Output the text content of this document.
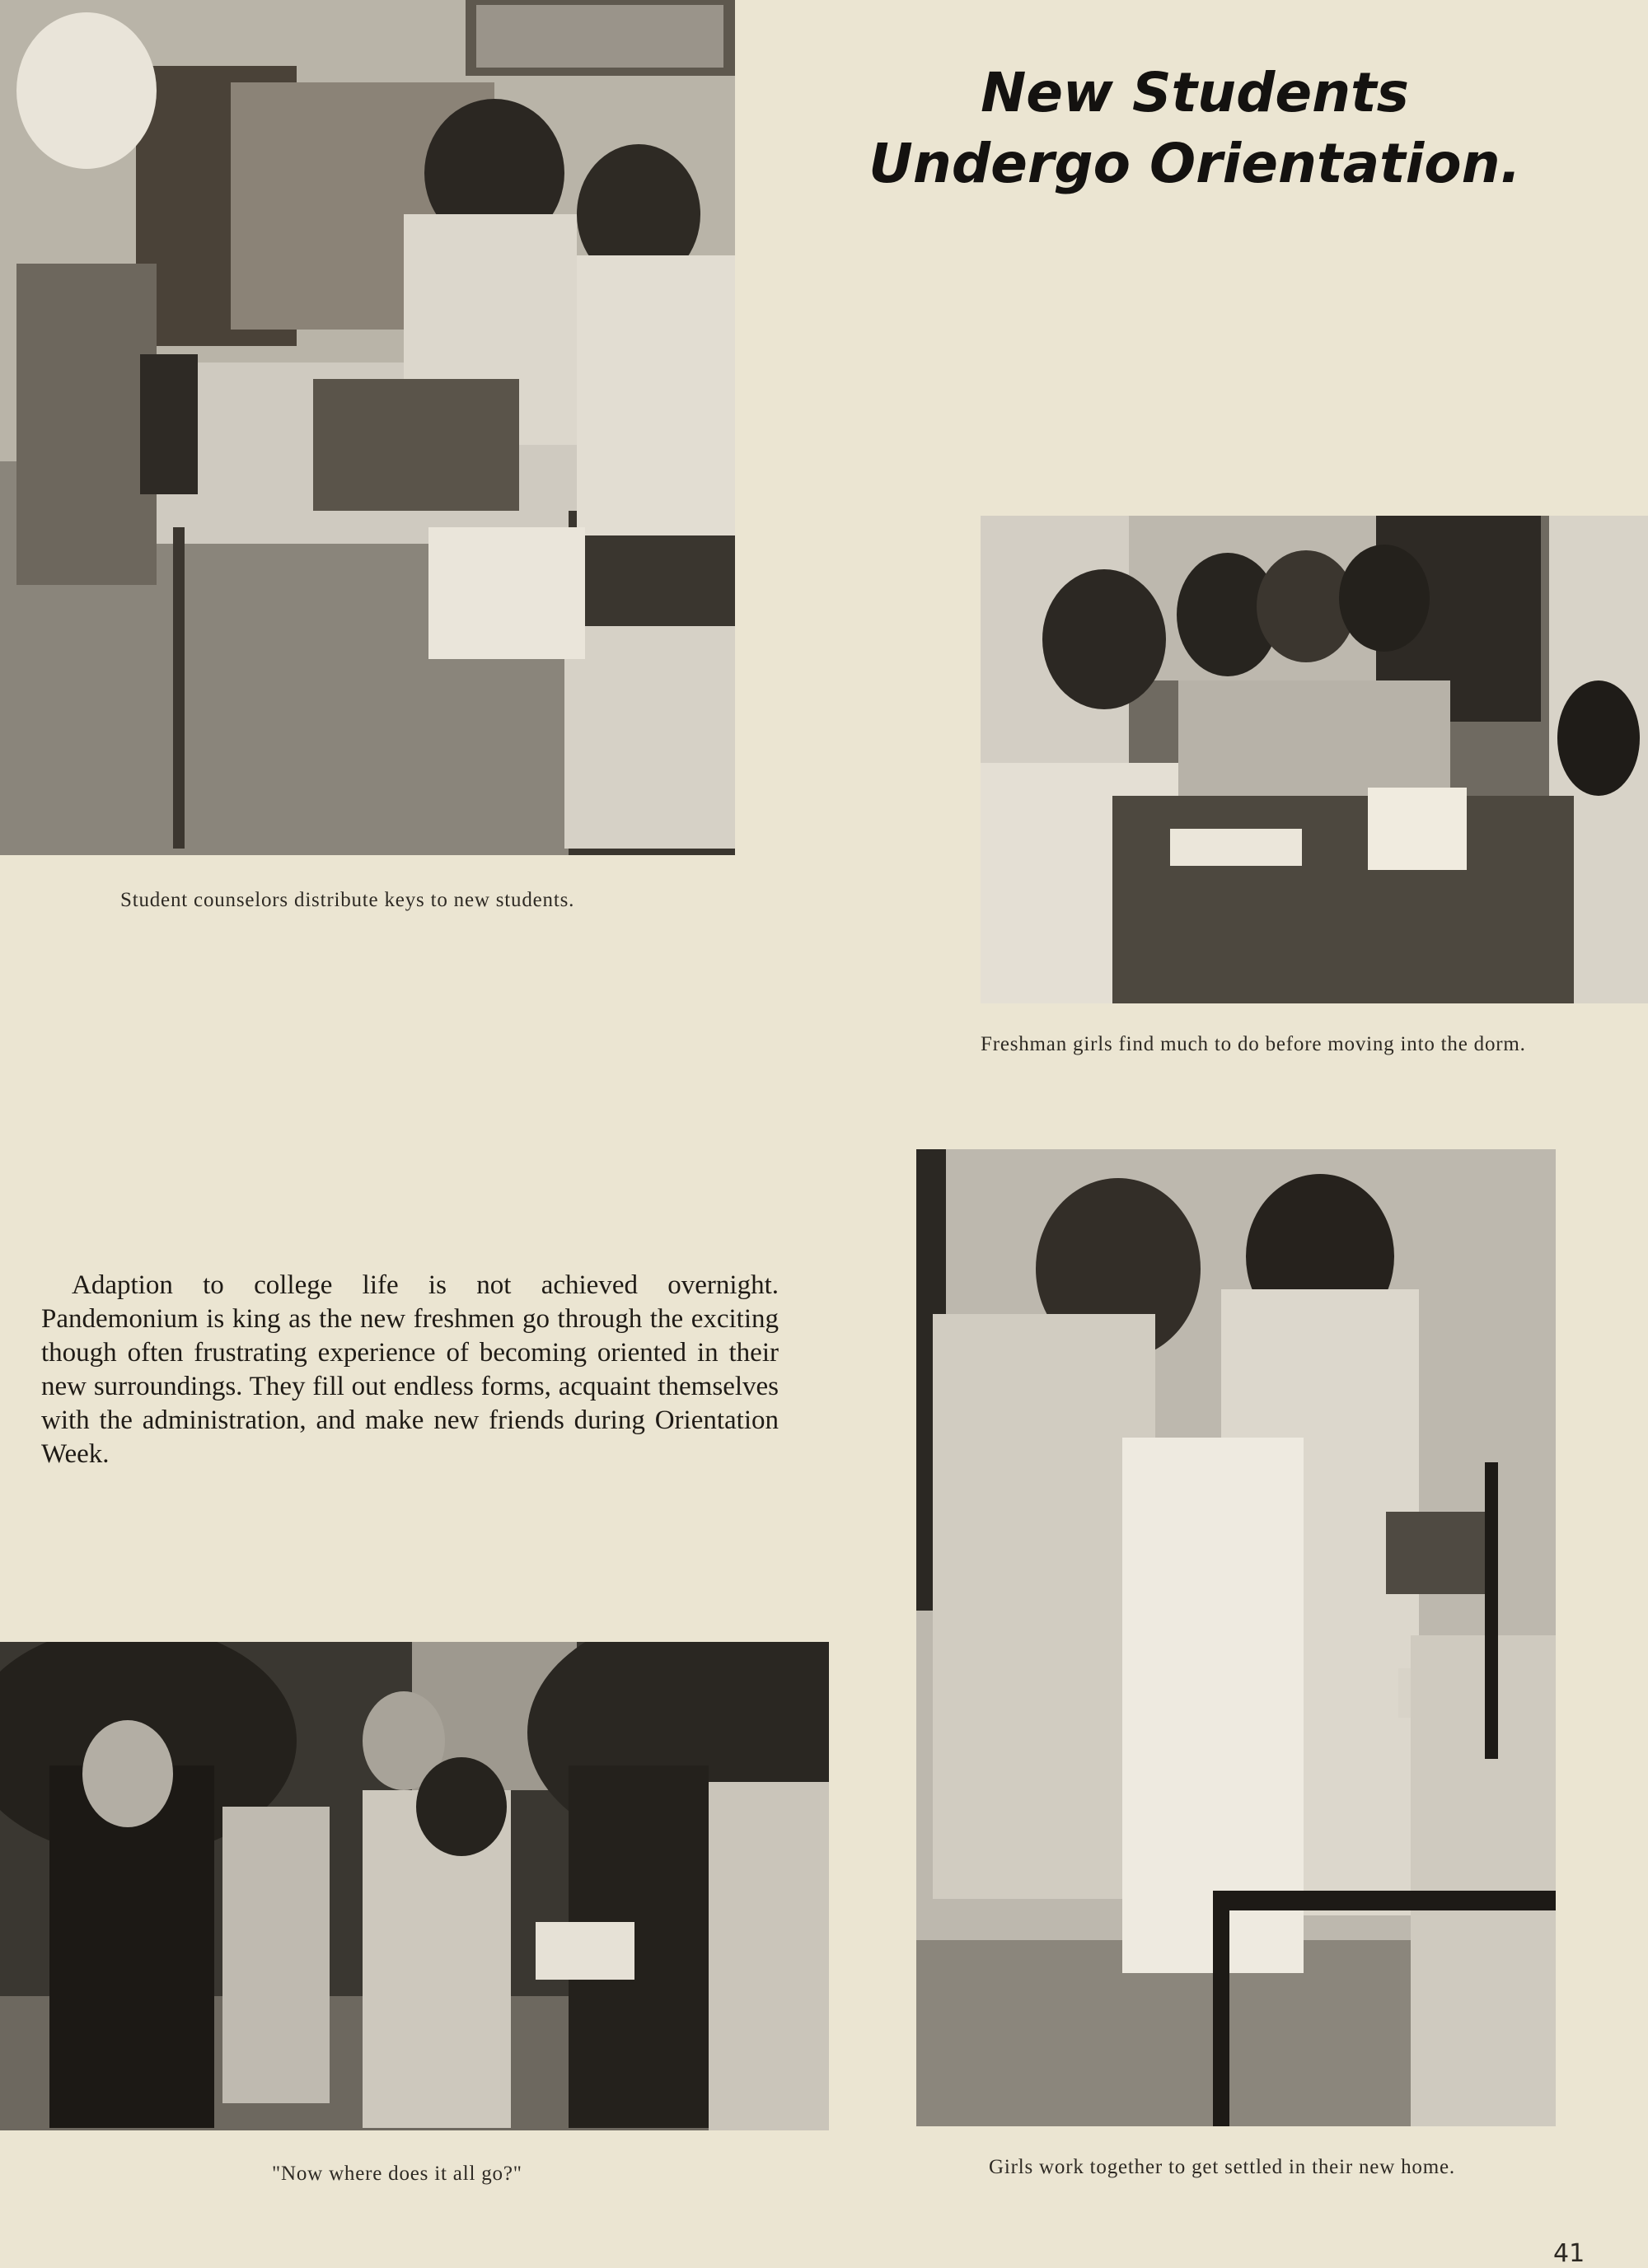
Student counselors distribute keys to new students.
New Students
Undergo Orientation.
Freshman girls find much to do before moving into the dorm.

Adaption to college life is not achieved overnight. Pandemonium is king as the new freshmen go through the exciting though often frustrating experience of becoming oriented in their new surroundings. They fill out endless forms, acquaint themselves with the administration, and make new friends during Orientation Week.

"Now where does it all go?"	Girls work together to get settled in their new home.
41
